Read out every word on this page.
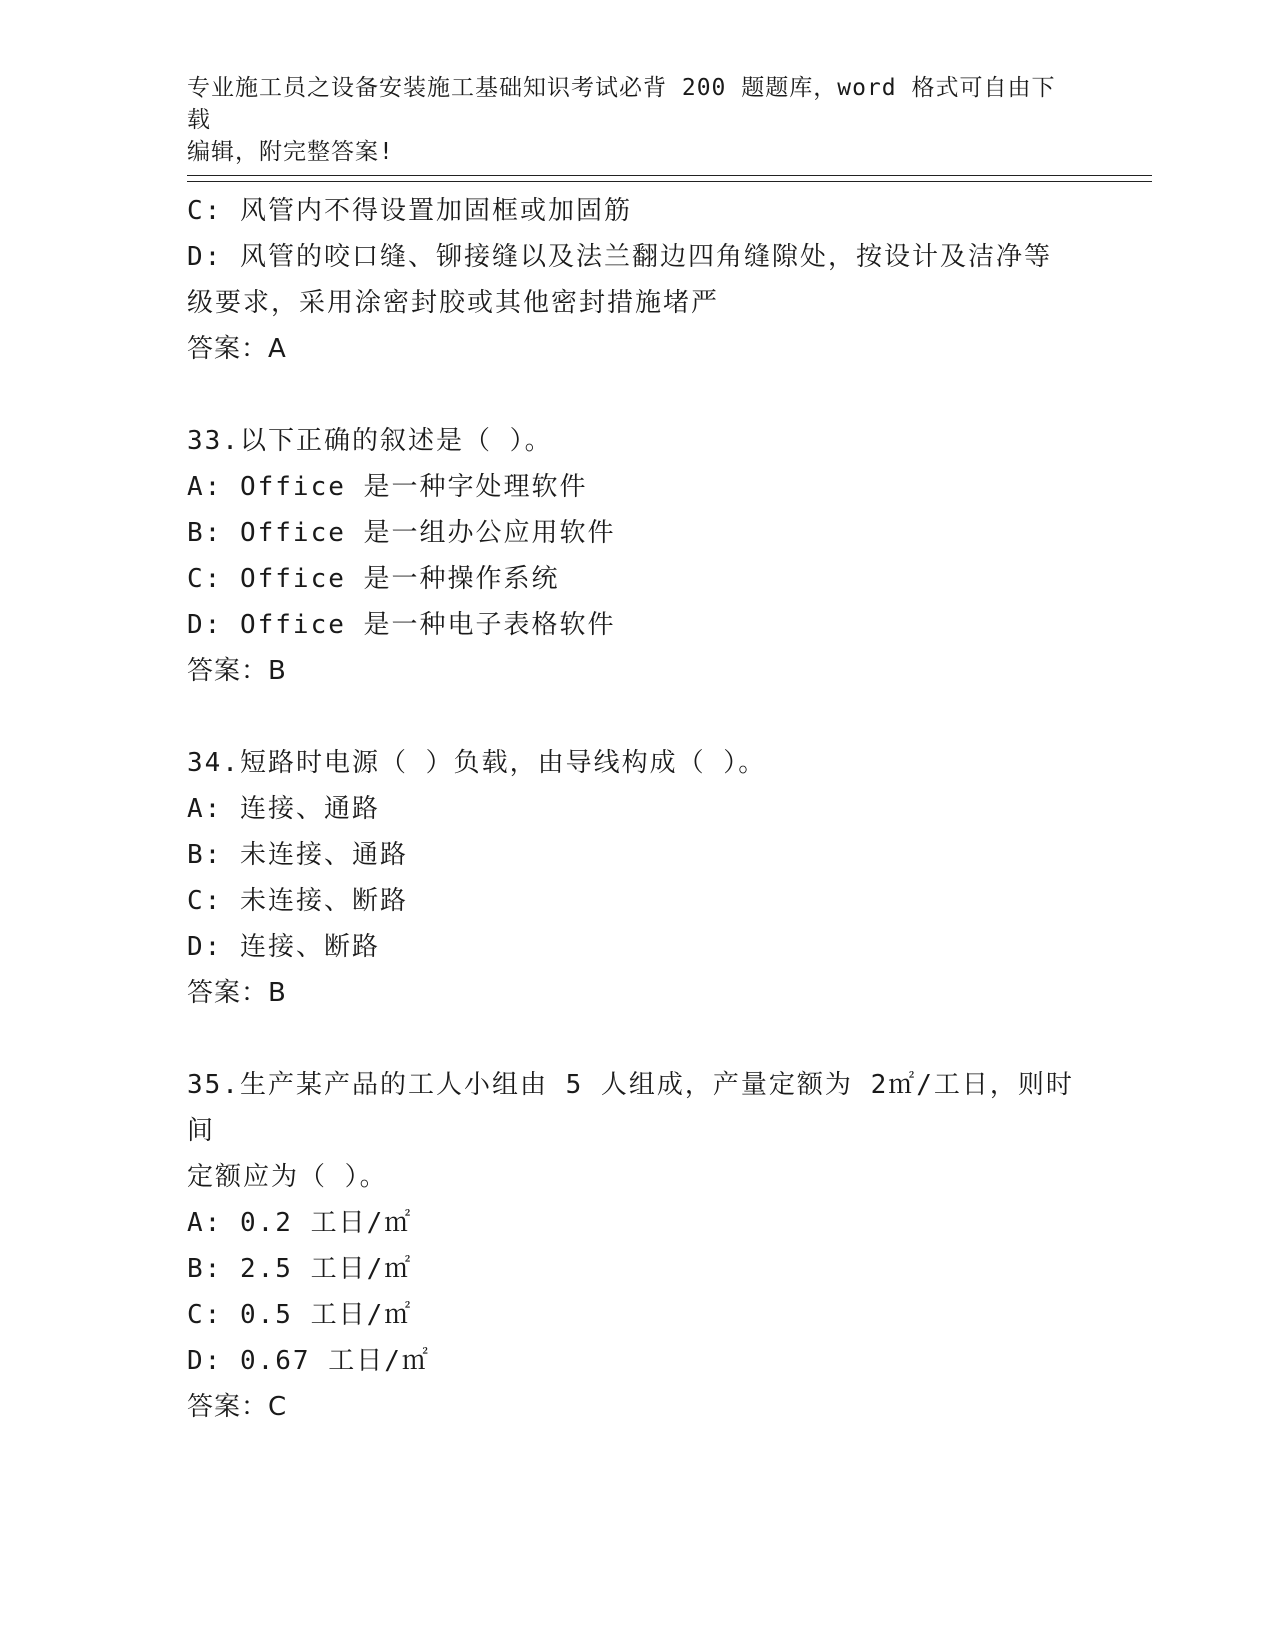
专业施工员之设备安装施工基础知识考试必背 200 题题库，word 格式可自由下载
编辑，附完整答案!
C: 风管内不得设置加固框或加固筋
D: 风管的咬口缝、铆接缝以及法兰翻边四角缝隙处，按设计及洁净等
级要求，采用涂密封胶或其他密封措施堵严
答案：A
33.以下正确的叙述是（ ）。
A: Office 是一种字处理软件
B: Office 是一组办公应用软件
C: Office 是一种操作系统
D: Office 是一种电子表格软件
答案：B
34.短路时电源（ ）负载，由导线构成（ ）。
A: 连接、通路
B: 未连接、通路
C: 未连接、断路
D: 连接、断路
答案：B
35.生产某产品的工人小组由 5 人组成，产量定额为 2㎡/工日，则时间
定额应为（ ）。
A: 0.2 工日/㎡
B: 2.5 工日/㎡
C: 0.5 工日/㎡
D: 0.67 工日/㎡
答案：C
